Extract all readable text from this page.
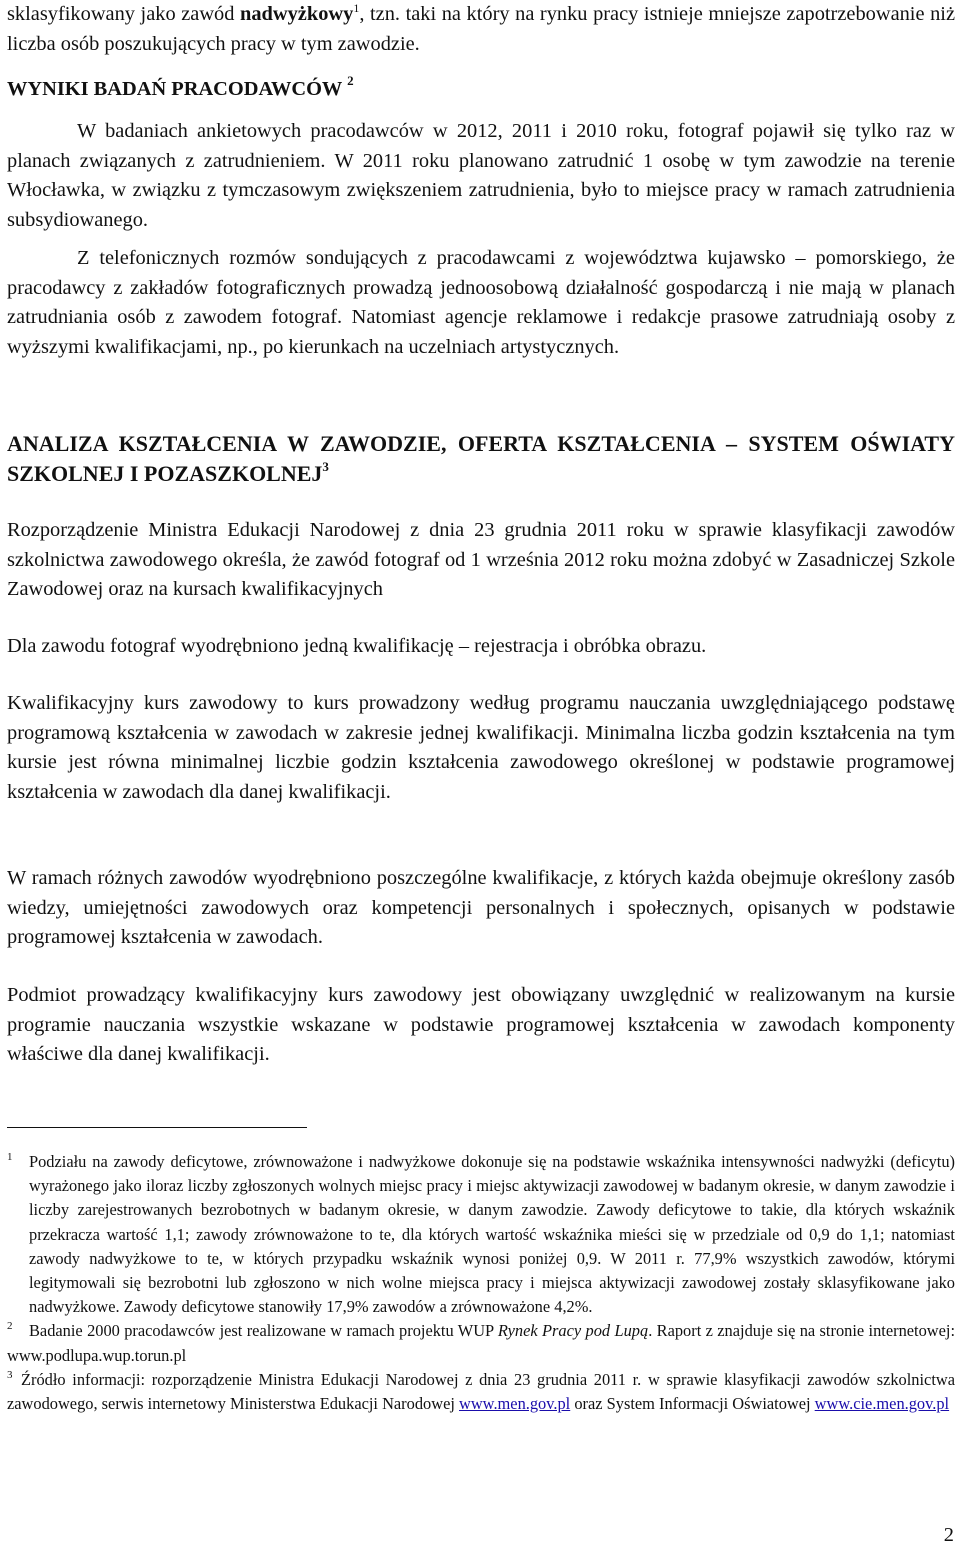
sklasyfikowany jako zawód nadwyżkowy$^1$, tzn. taki na który na rynku pracy istnieje mniejsze zapotrzebowanie niż liczba osób poszukujących pracy w tym zawodzie.

WYNIKI BADAŃ PRACODAWCÓW $^2$

W badaniach ankietowych pracodawców w 2012, 2011 i 2010 roku, fotograf pojawił się tylko raz w planach związanych z zatrudnieniem. W 2011 roku planowano zatrudnić 1 osobę w tym zawodzie na terenie Włocławka, w związku z tymczasowym zwiększeniem zatrudnienia, było to miejsce pracy w ramach zatrudnienia subsydiowanego.

Z telefonicznych rozmów sondujących z pracodawcami z województwa kujawsko – pomorskiego, że pracodawcy z zakładów fotograficznych prowadzą jednoosobową działalność gospodarczą i nie mają w planach zatrudniania osób z zawodem fotograf. Natomiast agencje reklamowe i redakcje prasowe zatrudniają osoby z wyższymi kwalifikacjami, np., po kierunkach na uczelniach artystycznych.

ANALIZA KSZTAŁCENIA W ZAWODZIE, OFERTA KSZTAŁCENIA – SYSTEM OŚWIATY SZKOLNEJ I POZASZKOLNEJ$^3$

Rozporządzenie Ministra Edukacji Narodowej z dnia 23 grudnia 2011 roku w sprawie klasyfikacji zawodów szkolnictwa zawodowego określa, że zawód fotograf od 1 września 2012 roku można zdobyć w Zasadniczej Szkole Zawodowej oraz na kursach kwalifikacyjnych

Dla zawodu fotograf wyodrębniono jedną kwalifikację – rejestracja i obróbka obrazu.

Kwalifikacyjny kurs zawodowy to kurs prowadzony według programu nauczania uwzględniającego podstawę programową kształcenia w zawodach w zakresie jednej kwalifikacji. Minimalna liczba godzin kształcenia na tym kursie jest równa minimalnej liczbie godzin kształcenia zawodowego określonej w podstawie programowej kształcenia w zawodach dla danej kwalifikacji.

W ramach różnych zawodów wyodrębniono poszczególne kwalifikacje, z których każda obejmuje określony zasób wiedzy, umiejętności zawodowych oraz kompetencji personalnych i społecznych, opisanych w podstawie programowej kształcenia w zawodach.

Podmiot prowadzący kwalifikacyjny kurs zawodowy jest obowiązany uwzględnić w realizowanym na kursie programie nauczania wszystkie wskazane w podstawie programowej kształcenia w zawodach komponenty właściwe dla danej kwalifikacji.

1 Podziału na zawody deficytowe, zrównoważone i nadwyżkowe dokonuje się na podstawie wskaźnika intensywności nadwyżki (deficytu) wyrażonego jako iloraz liczby zgłoszonych wolnych miejsc pracy i miejsc aktywizacji zawodowej w badanym okresie, w danym zawodzie i liczby zarejestrowanych bezrobotnych w badanym okresie, w danym zawodzie. Zawody deficytowe to takie, dla których wskaźnik przekracza wartość 1,1; zawody zrównoważone to te, dla których wartość wskaźnika mieści się w przedziale od 0,9 do 1,1; natomiast zawody nadwyżkowe to te, w których przypadku wskaźnik wynosi poniżej 0,9. W 2011 r. 77,9% wszystkich zawodów, którymi legitymowali się bezrobotni lub zgłoszono w nich wolne miejsca pracy i miejsca aktywizacji zawodowej zostały sklasyfikowane jako nadwyżkowe. Zawody deficytowe stanowiły 17,9% zawodów a zrównoważone 4,2%.

2 Badanie 2000 pracodawców jest realizowane w ramach projektu WUP Rynek Pracy pod Lupą. Raport z znajduje się na stronie internetowej: www.podlupa.wup.torun.pl

3 Źródło informacji: rozporządzenie Ministra Edukacji Narodowej z dnia 23 grudnia 2011 r. w sprawie klasyfikacji zawodów szkolnictwa zawodowego, serwis internetowy Ministerstwa Edukacji Narodowej www.men.gov.pl oraz System Informacji Oświatowej www.cie.men.gov.pl

2
